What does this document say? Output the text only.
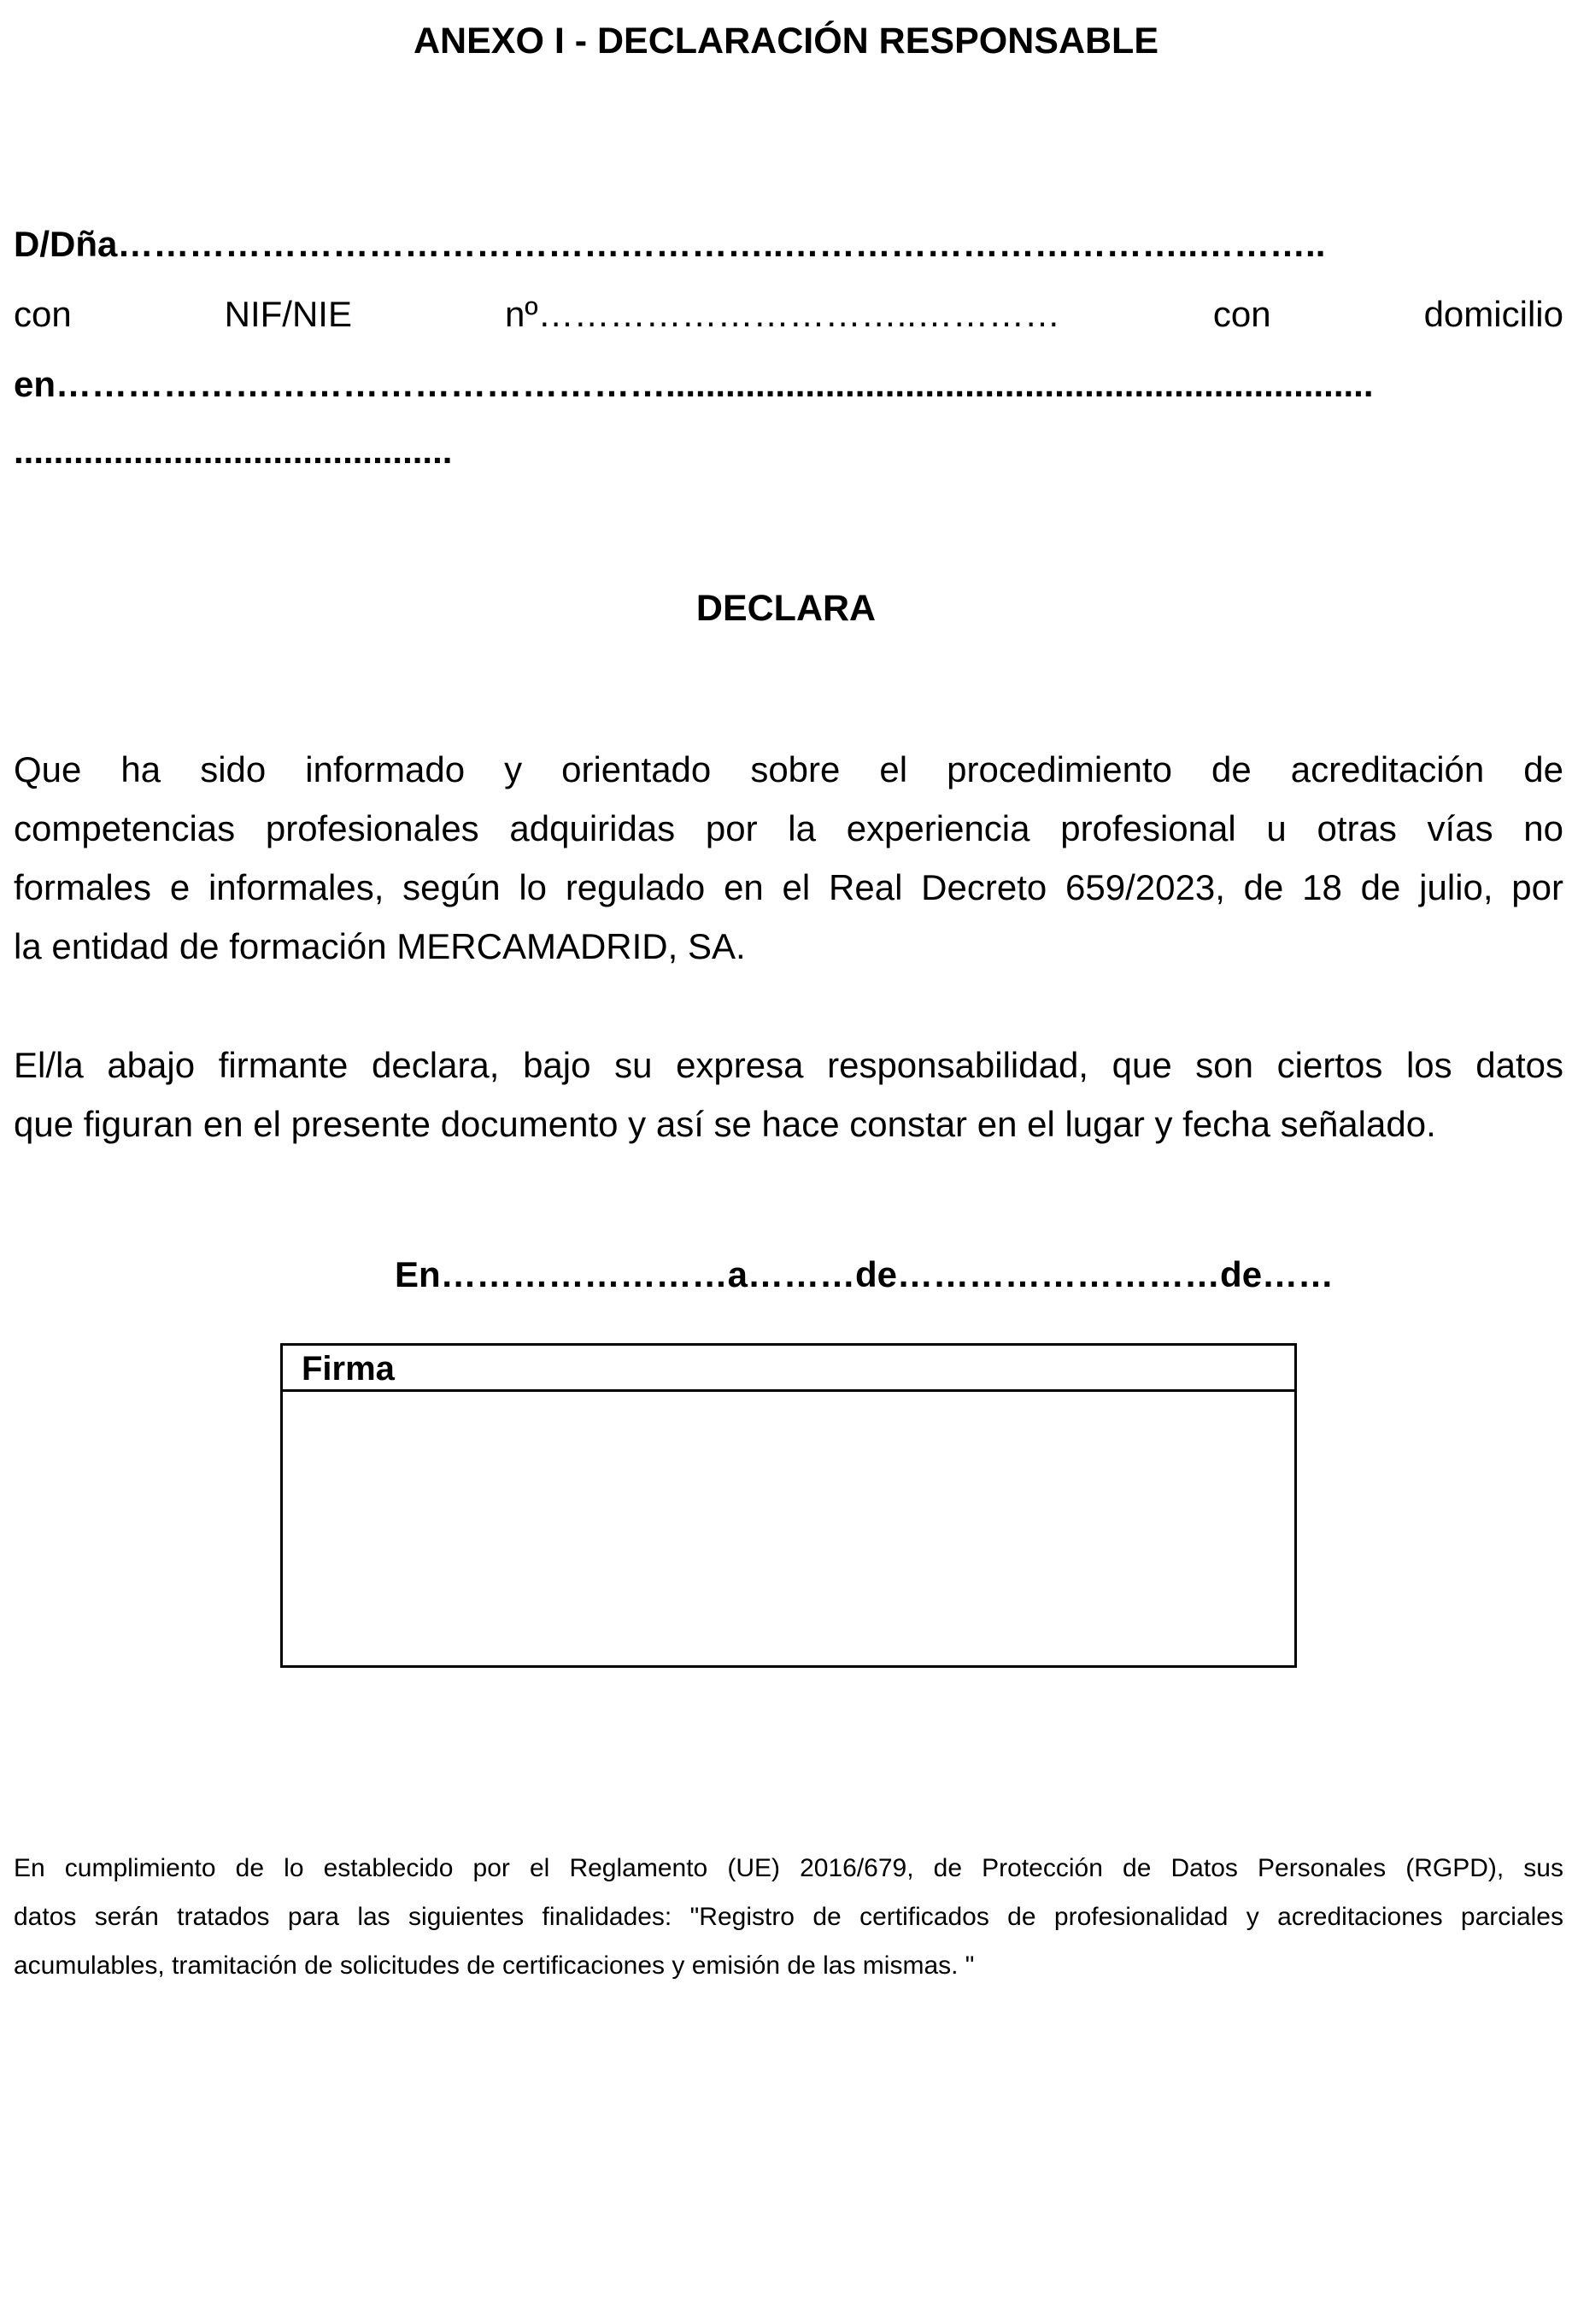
ANEXO I - DECLARACIÓN RESPONSABLE
D/Dña………………………………………………..……………………………..………..
con	NIF/NIE	nº…………………………..…………	con	domicilio
en…………………………………………….......................................................................
............................................
DECLARA
Que ha sido informado y orientado sobre el procedimiento de acreditación de
competencias profesionales adquiridas por la experiencia profesional u otras vías no
formales e informales, según lo regulado en el Real Decreto 659/2023, de 18 de julio, por
la entidad de formación MERCAMADRID, SA.
El/la abajo firmante declara, bajo su expresa responsabilidad, que son ciertos los datos
que figuran en el presente documento y así se hace constar en el lugar y fecha señalado.
En……………………a………de………………………de……
Firma
En cumplimiento de lo establecido por el Reglamento (UE) 2016/679, de Protección de Datos Personales (RGPD), sus
datos serán tratados para las siguientes finalidades: "Registro de certificados de profesionalidad y acreditaciones parciales
acumulables, tramitación de solicitudes de certificaciones y emisión de las mismas. "
